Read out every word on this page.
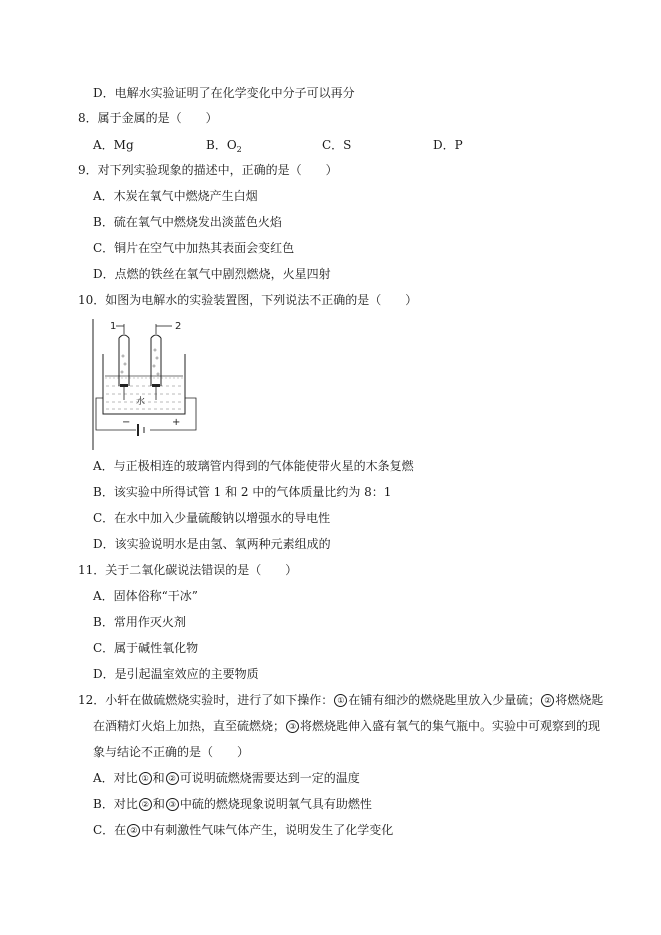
D．电解水实验证明了在化学变化中分子可以再分
8．属于金属的是（　　）
A．Mg	B．$O_2$	C．S	D．P
9．对下列实验现象的描述中，正确的是（　　）
A．木炭在氧气中燃烧产生白烟
B．硫在氧气中燃烧发出淡蓝色火焰
C．铜片在空气中加热其表面会变红色
D．点燃的铁丝在氧气中剧烈燃烧，火星四射
10．如图为电解水的实验装置图，下列说法不正确的是（　　）
1	2
水
−	+
A．与正极相连的玻璃管内得到的气体能使带火星的木条复燃
B．该实验中所得试管 1 和 2 中的气体质量比约为 8：1
C．在水中加入少量硫酸钠以增强水的导电性
D．该实验说明水是由氢、氧两种元素组成的
11．关于二氧化碳说法错误的是（　　）
A．固体俗称“干冰”
B．常用作灭火剂
C．属于碱性氧化物
D．是引起温室效应的主要物质
12．小轩在做硫燃烧实验时，进行了如下操作： ① 在铺有细沙的燃烧匙里放入少量硫； ② 将燃烧匙
在酒精灯火焰上加热，直至硫燃烧； ③ 将燃烧匙伸入盛有氧气的集气瓶中。实验中可观察到的现
象与结论不正确的是（　　）
A．对比 ① 和 ② 可说明硫燃烧需要达到一定的温度
B．对比 ② 和 ③ 中硫的燃烧现象说明氧气具有助燃性
C．在 ② 中有刺激性气味气体产生，说明发生了化学变化
